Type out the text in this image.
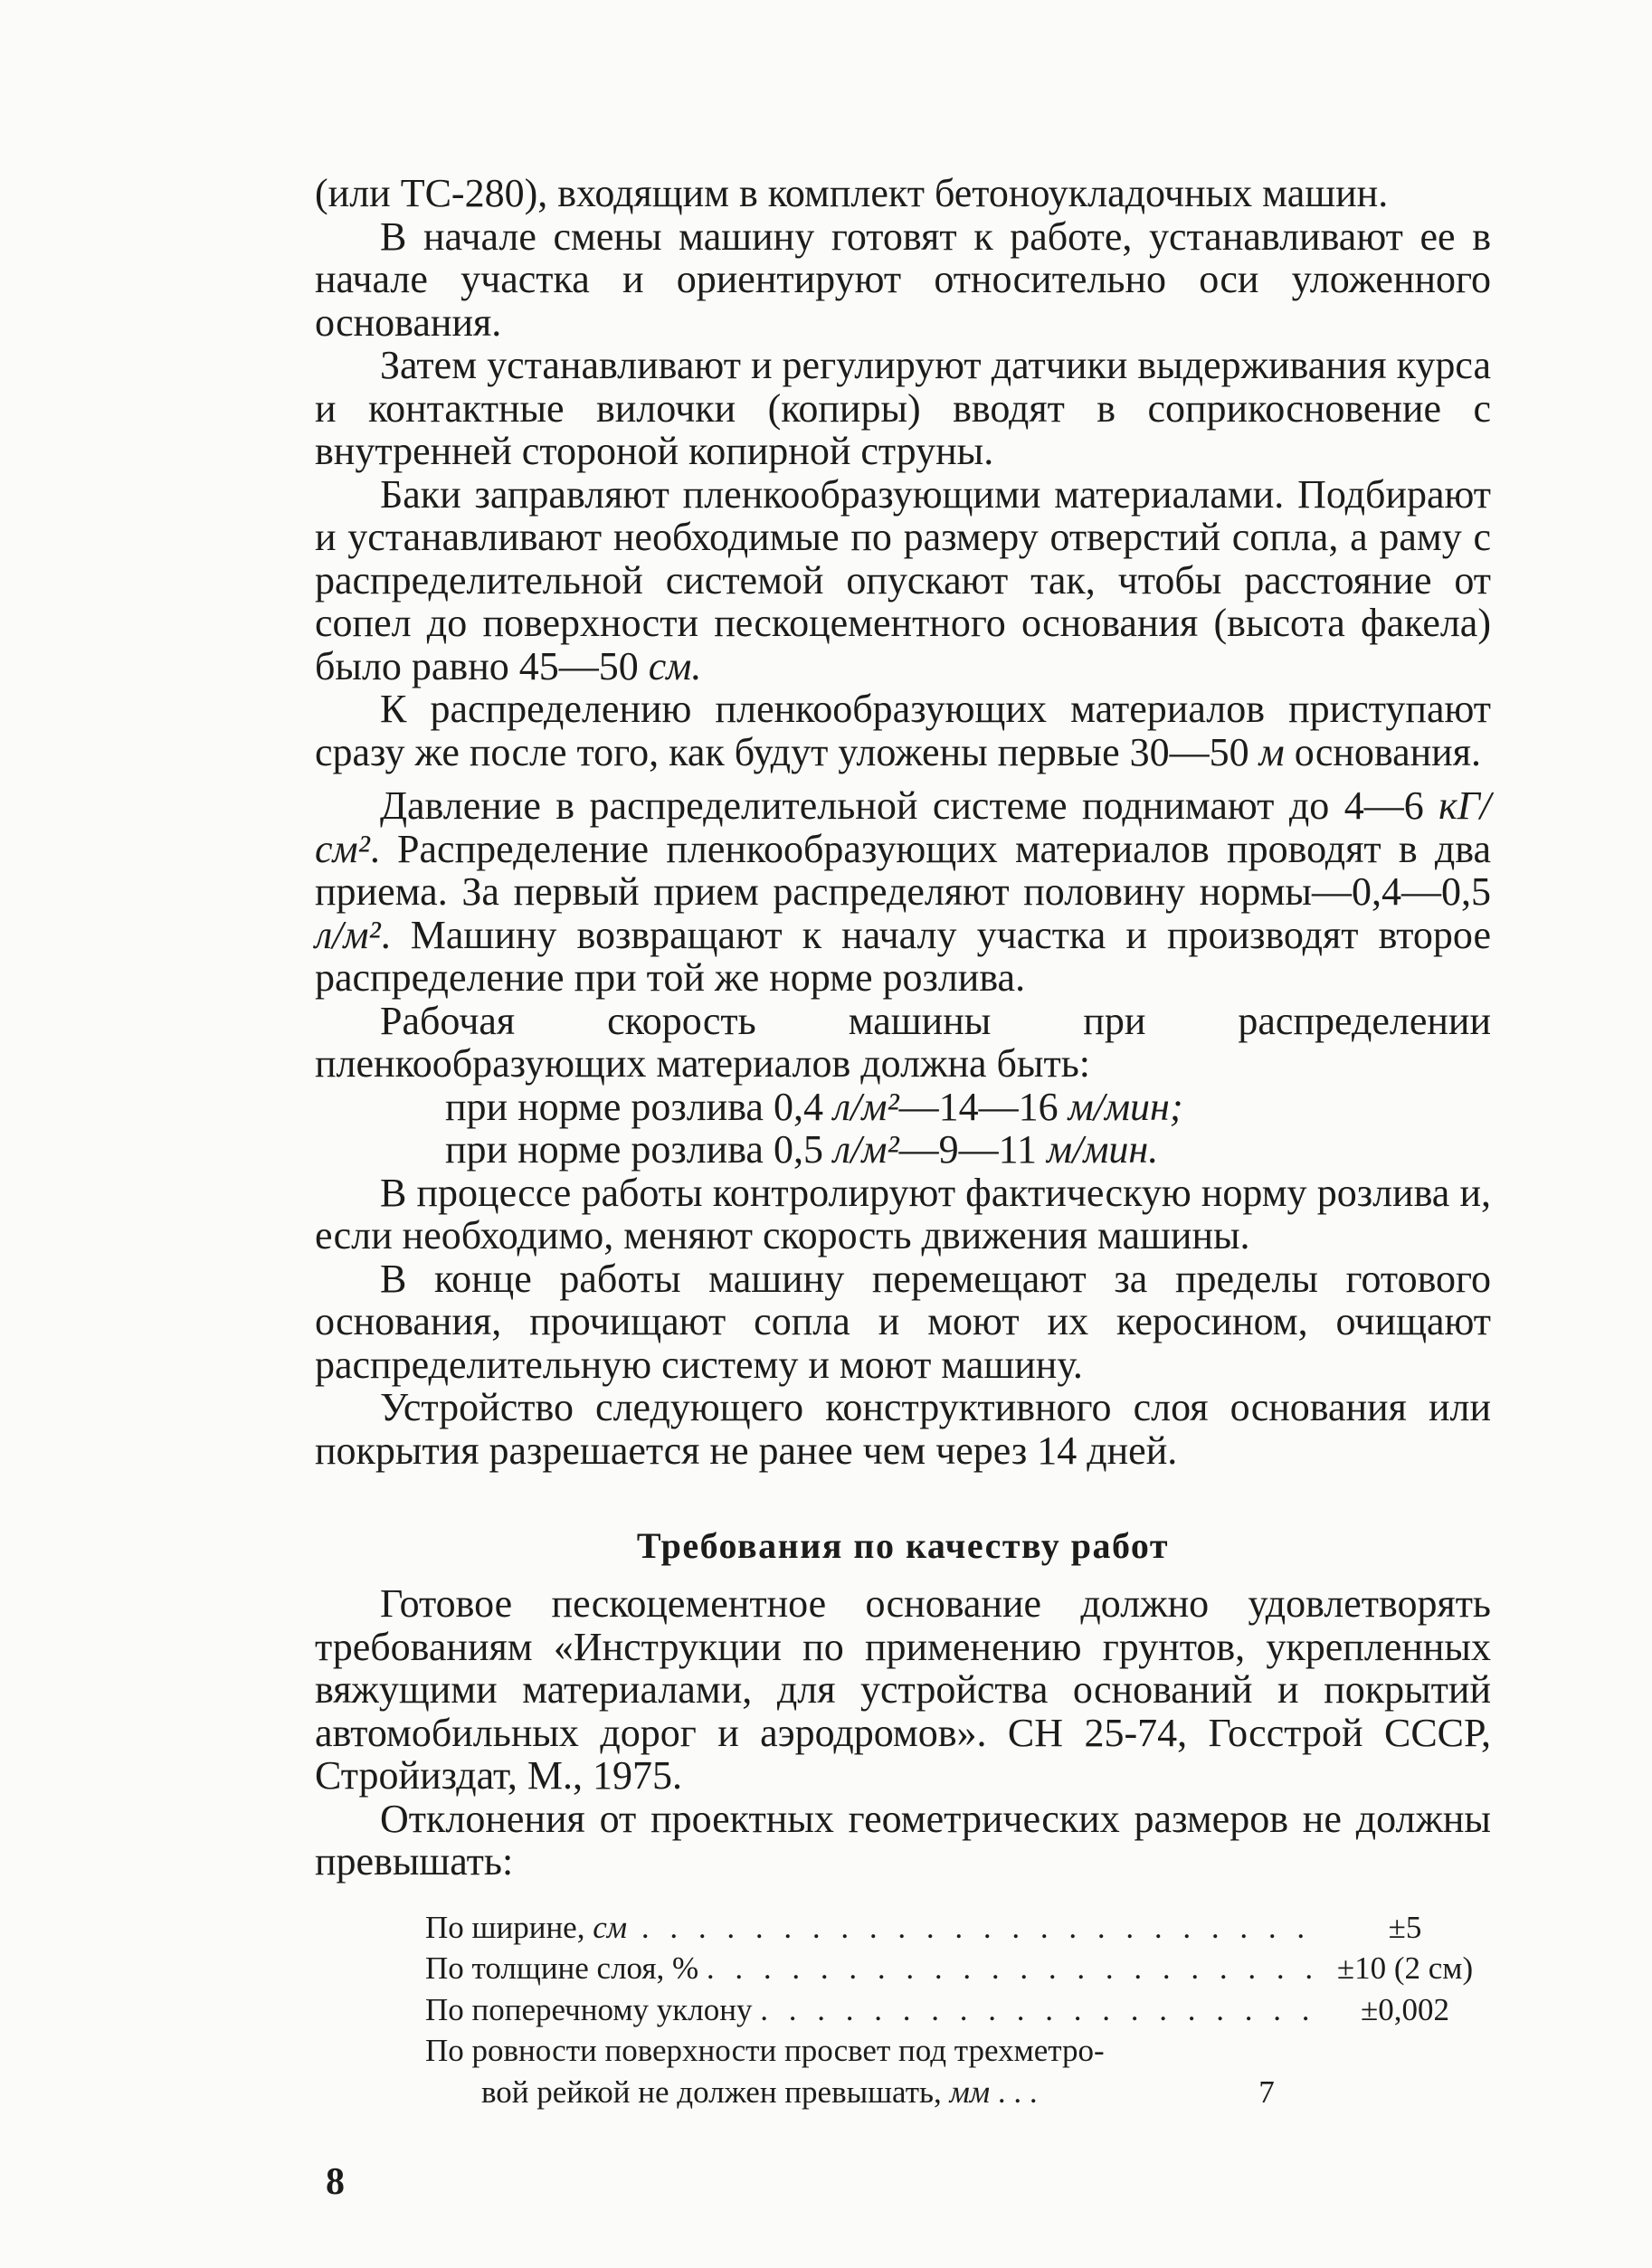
(или ТС-280), входящим в комплект бетоноукладочных машин.

В начале смены машину готовят к работе, устанавливают ее в начале участка и ориентируют относительно оси уложенного основания.

Затем устанавливают и регулируют датчики выдерживания курса и контактные вилочки (копиры) вводят в соприкосновение с внутренней стороной копирной струны.

Баки заправляют пленкообразующими материалами. Подбирают и устанавливают необходимые по размеру отверстий сопла, а раму с распределительной системой опускают так, чтобы расстояние от сопел до поверхности пескоцементного основания (высота факела) было равно 45—50 см.

К распределению пленкообразующих материалов приступают сразу же после того, как будут уложены первые 30—50 м основания.

Давление в распределительной системе поднимают до 4—6 кГ/см². Распределение пленкообразующих материалов проводят в два приема. За первый прием распределяют половину нормы—0,4—0,5 л/м². Машину возвращают к началу участка и производят второе распределение при той же норме розлива.

Рабочая скорость машины при распределении пленкообразующих материалов должна быть:

при норме розлива 0,4 л/м²—14—16 м/мин;

при норме розлива 0,5 л/м²—9—11 м/мин.

В процессе работы контролируют фактическую норму розлива и, если необходимо, меняют скорость движения машины.

В конце работы машину перемещают за пределы готового основания, прочищают сопла и моют их керосином, очищают распределительную систему и моют машину.

Устройство следующего конструктивного слоя основания или покрытия разрешается не ранее чем через 14 дней.

Требования по качеству работ

Готовое пескоцементное основание должно удовлетворять требованиям «Инструкции по применению грунтов, укрепленных вяжущими материалами, для устройства оснований и покрытий автомобильных дорог и аэродромов». СН 25-74, Госстрой СССР, Стройиздат, М., 1975.

Отклонения от проектных геометрических размеров не должны превышать:

По ширине, см . . .	±5
По толщине слоя, % . . .	±10 (2 см)
По поперечному уклону . . .	±0,002
По ровности поверхности просвет под трехметро-
вой рейкой не должен превышать, мм . . .	7
8
